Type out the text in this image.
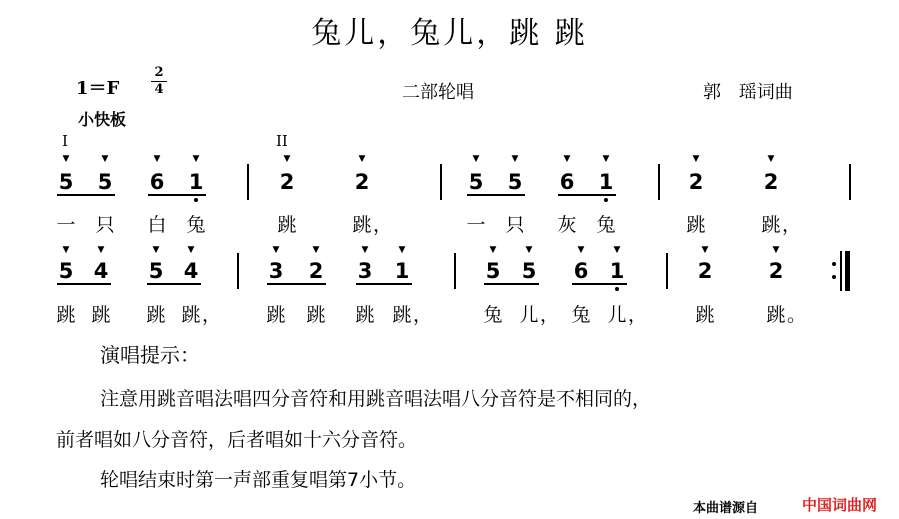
兔儿，兔儿，跳 跳
1＝F
2
4	二部轮唱	郭 瑶词曲
小快板
I	II
▼	▼	▼	▼	▼	▼	▼	▼	▼	▼	▼	▼
5 5 6 1	2	2	5 5 6 1	2	2
一 只 白 兔	跳	跳 ，	一 只 灰 兔	跳	跳 ，
▼	▼	▼	▼	▼	▼	▼	▼	▼	▼	▼	▼	▼	▼
5 4 5 4	3 2 3 1	5 5 6 1	2	2
跳 跳 跳 跳 ， 跳 跳 跳 跳 ，	兔 儿 ， 兔 儿 ，	跳	跳 。
演唱提示：
注意用跳音唱法唱四分音符和用跳音唱法唱八分音符是不相同的，
前者唱如八分音符，后者唱如十六分音符。
轮唱结束时第一声部重复唱第7小节。
本曲谱源自	中国词曲网
